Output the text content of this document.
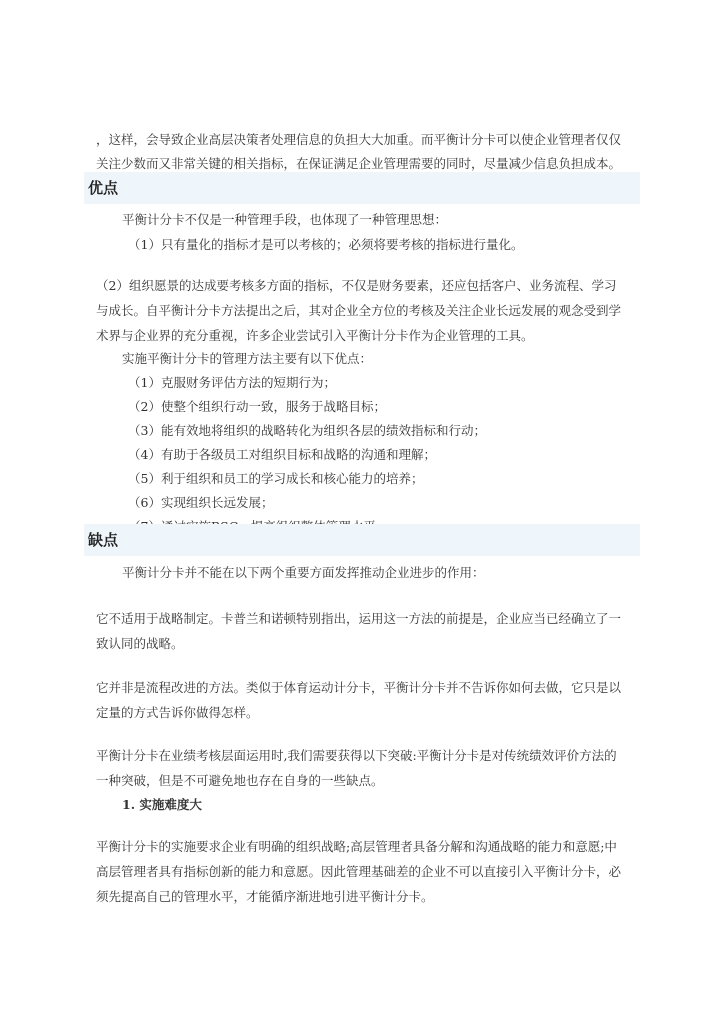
，这样，会导致企业高层决策者处理信息的负担大大加重。而平衡计分卡可以使企业管理者仅仅

关注少数而又非常关键的相关指标，在保证满足企业管理需要的同时，尽量减少信息负担成本。

优点

平衡计分卡不仅是一种管理手段，也体现了一种管理思想：

（1）只有量化的指标才是可以考核的；必须将要考核的指标进行量化。

（2）组织愿景的达成要考核多方面的指标，不仅是财务要素，还应包括客户、业务流程、学习

与成长。自平衡计分卡方法提出之后，其对企业全方位的考核及关注企业长远发展的观念受到学

术界与企业界的充分重视，许多企业尝试引入平衡计分卡作为企业管理的工具。

实施平衡计分卡的管理方法主要有以下优点：

（1）克服财务评估方法的短期行为；

（2）使整个组织行动一致，服务于战略目标；

（3）能有效地将组织的战略转化为组织各层的绩效指标和行动；

（4）有助于各级员工对组织目标和战略的沟通和理解；

（5）利于组织和员工的学习成长和核心能力的培养；

（6）实现组织长远发展；

缺点

平衡计分卡并不能在以下两个重要方面发挥推动企业进步的作用：

它不适用于战略制定。卡普兰和诺顿特别指出，运用这一方法的前提是，企业应当已经确立了一

致认同的战略。

它并非是流程改进的方法。类似于体育运动计分卡，平衡计分卡并不告诉你如何去做，它只是以

定量的方式告诉你做得怎样。

平衡计分卡在业绩考核层面运用时,我们需要获得以下突破:平衡计分卡是对传统绩效评价方法的

一种突破，但是不可避免地也存在自身的一些缺点。

1. 实施难度大

平衡计分卡的实施要求企业有明确的组织战略;高层管理者具备分解和沟通战略的能力和意愿;中

高层管理者具有指标创新的能力和意愿。因此管理基础差的企业不可以直接引入平衡计分卡，必

须先提高自己的管理水平，才能循序渐进地引进平衡计分卡。
